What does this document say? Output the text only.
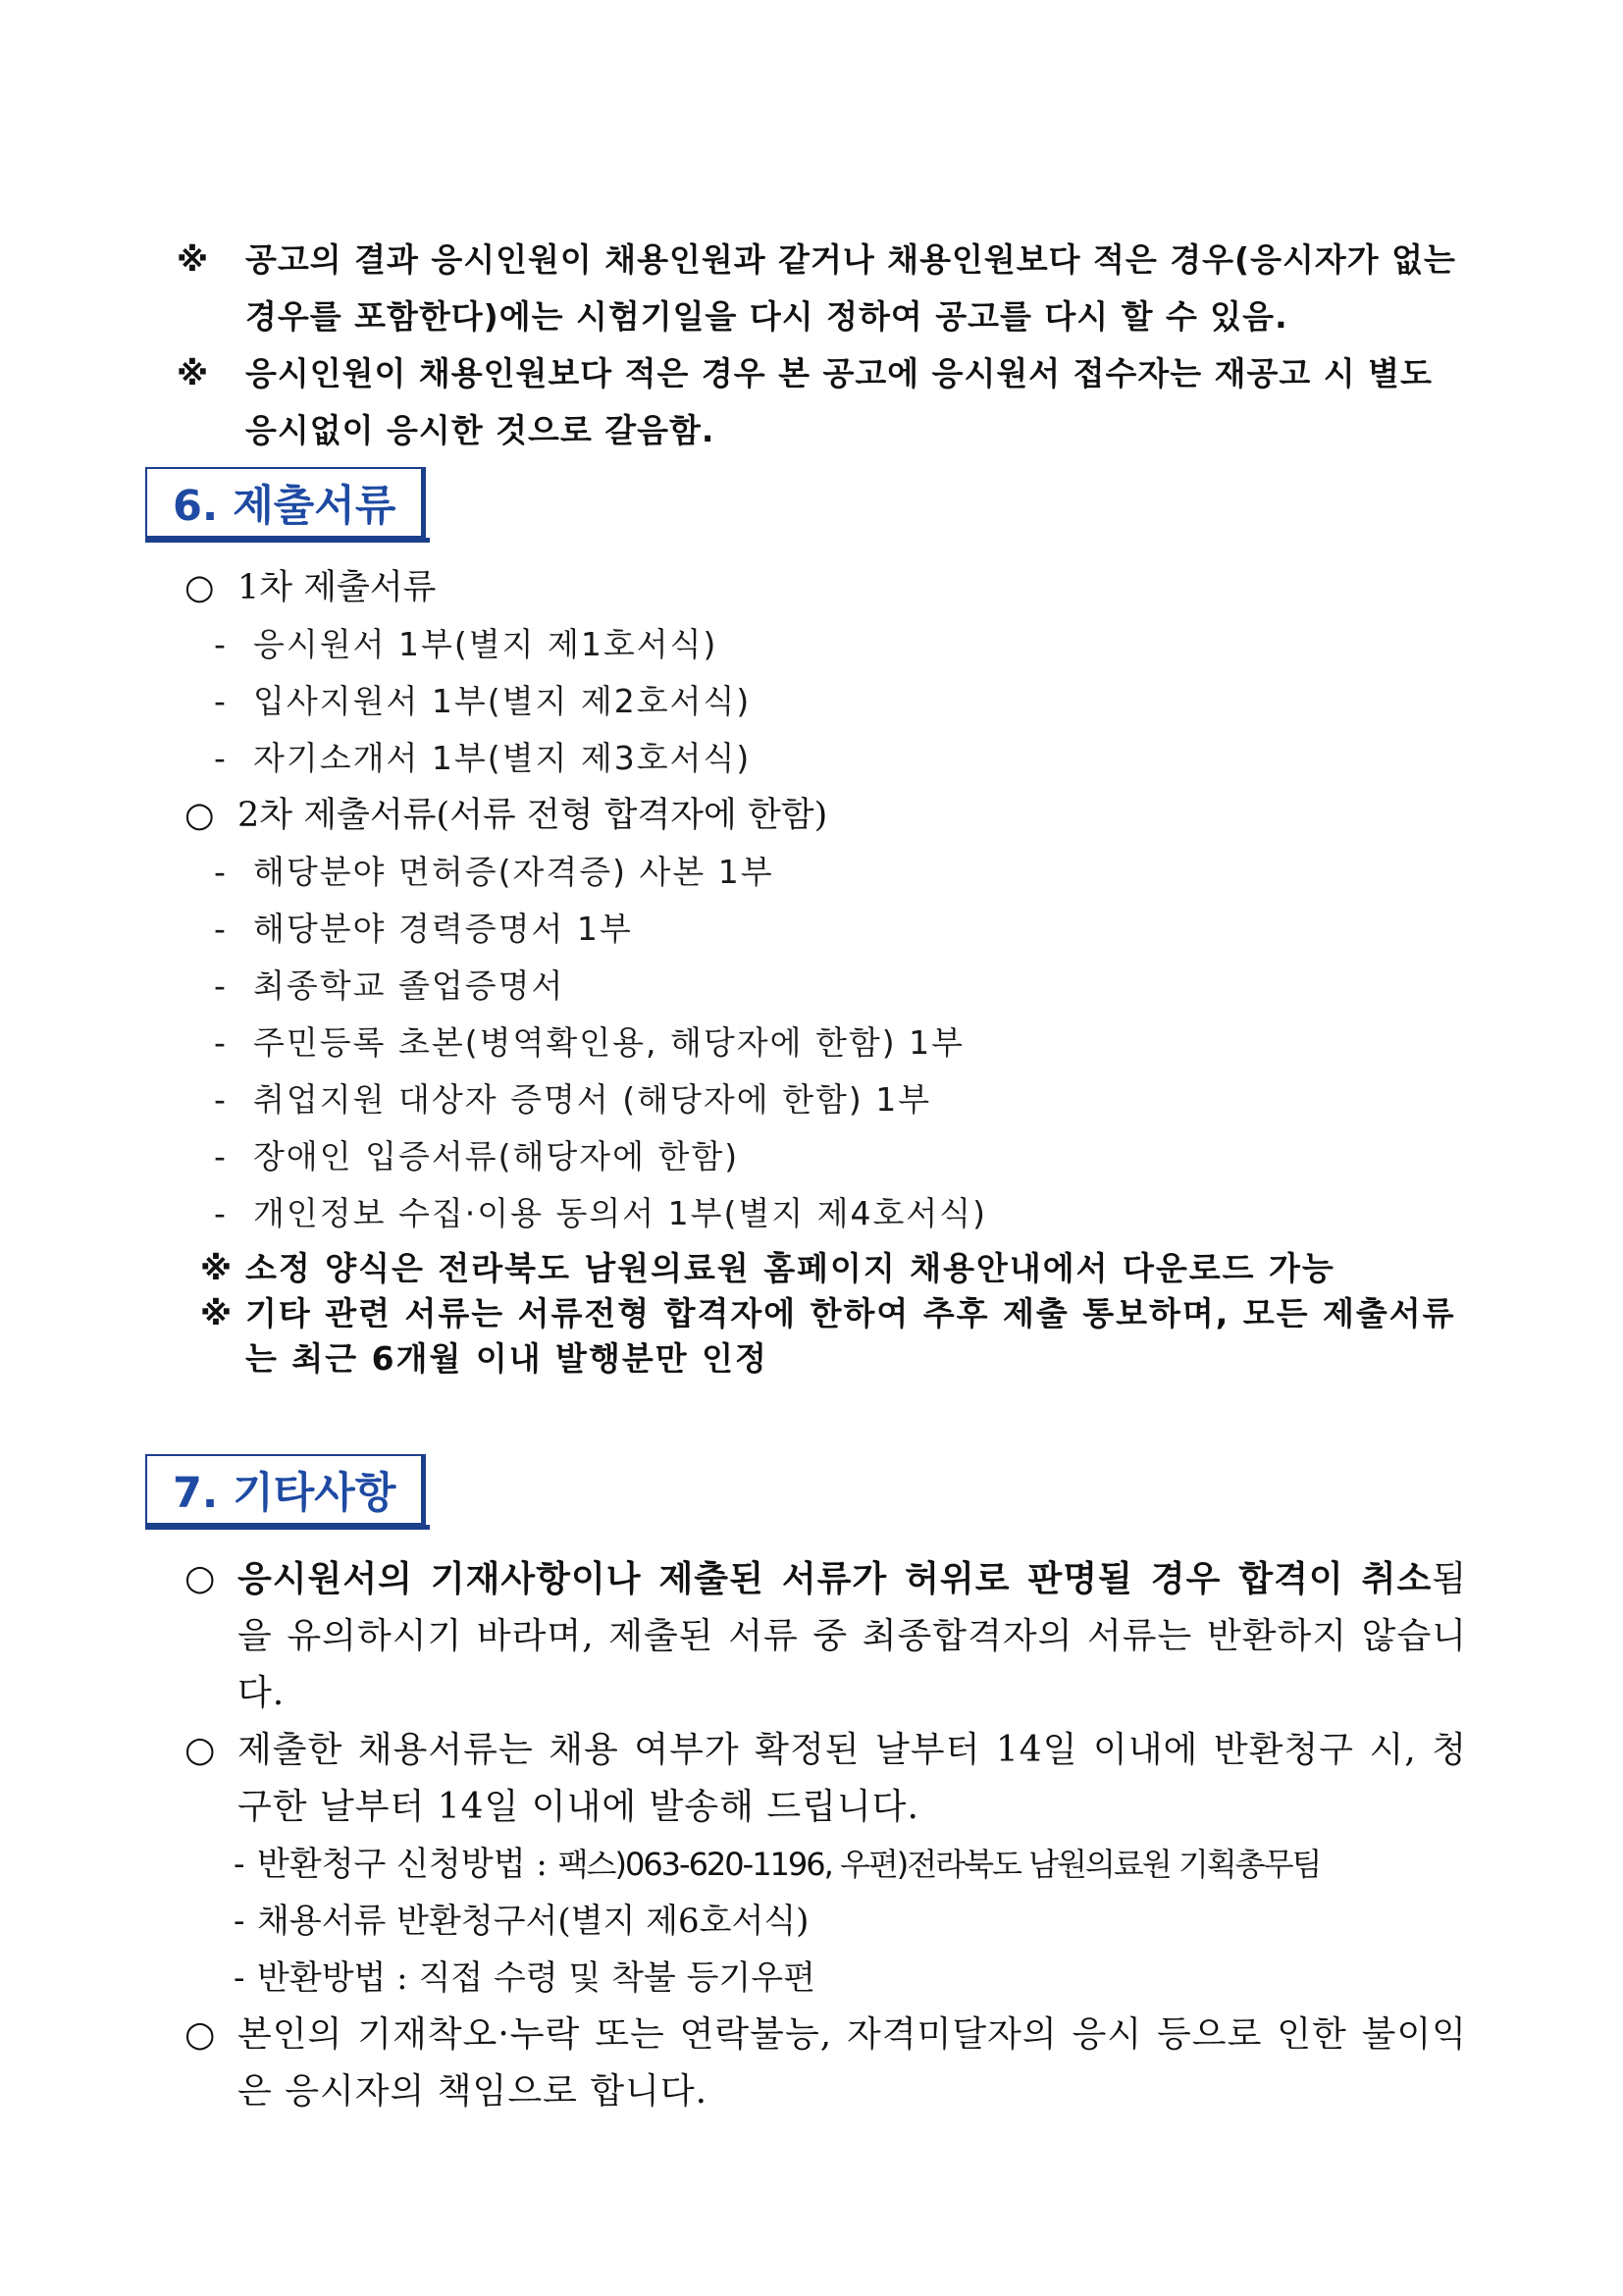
※ 공고의 결과 응시인원이 채용인원과 같거나 채용인원보다 적은 경우(응시자가 없는 경우를 포함한다)에는 시험기일을 다시 정하여 공고를 다시 할 수 있음.
※ 응시인원이 채용인원보다 적은 경우 본 공고에 응시원서 접수자는 재공고 시 별도 응시없이 응시한 것으로 갈음함.
6. 제출서류
○ 1차 제출서류
- 응시원서 1부(별지 제1호서식)
- 입사지원서 1부(별지 제2호서식)
- 자기소개서 1부(별지 제3호서식)
○ 2차 제출서류(서류 전형 합격자에 한함)
- 해당분야 면허증(자격증) 사본 1부
- 해당분야 경력증명서 1부
- 최종학교 졸업증명서
- 주민등록 초본(병역확인용, 해당자에 한함) 1부
- 취업지원 대상자 증명서 (해당자에 한함) 1부
- 장애인 입증서류(해당자에 한함)
- 개인정보 수집·이용 동의서 1부(별지 제4호서식)
※ 소정 양식은 전라북도 남원의료원 홈페이지 채용안내에서 다운로드 가능
※ 기타 관련 서류는 서류전형 합격자에 한하여 추후 제출 통보하며, 모든 제출서류는 최근 6개월 이내 발행분만 인정
7. 기타사항
○ 응시원서의 기재사항이나 제출된 서류가 허위로 판명될 경우 합격이 취소됨을 유의하시기 바라며, 제출된 서류 중 최종합격자의 서류는 반환하지 않습니다.
○ 제출한 채용서류는 채용 여부가 확정된 날부터 14일 이내에 반환청구 시, 청구한 날부터 14일 이내에 발송해 드립니다.
- 반환청구 신청방법 : 팩스)063-620-1196, 우편)전라북도 남원의료원 기획총무팀
- 채용서류 반환청구서(별지 제6호서식)
- 반환방법 : 직접 수령 및 착불 등기우편
○ 본인의 기재착오·누락 또는 연락불능, 자격미달자의 응시 등으로 인한 불이익은 응시자의 책임으로 합니다.
